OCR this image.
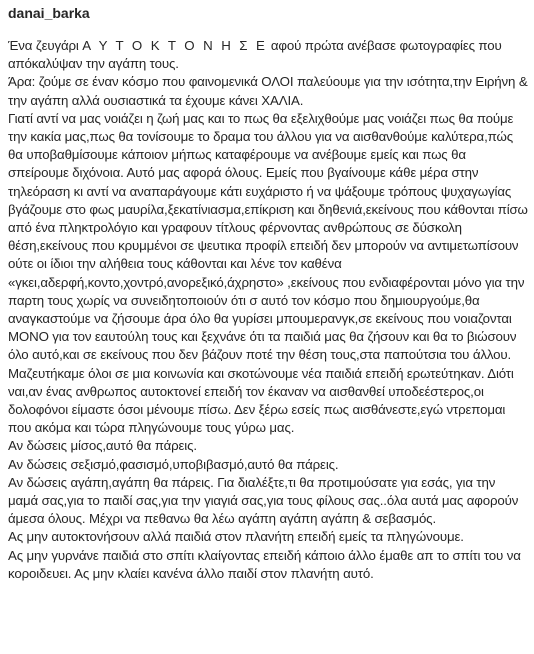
danai_barka

Ένα ζευγάρι Α Υ Τ Ο Κ Τ Ο Ν Η Σ Ε αφού πρώτα ανέβασε φωτογραφίες που απόκαλύψαν την αγάπη τους.

Άρα: ζούμε σε έναν κόσμο που φαινομενικά ΟΛΟΙ παλεύουμε για την ισότητα,την Ειρήνη & την αγάπη αλλά ουσιαστικά τα έχουμε κάνει ΧΑΛΙΑ.

Γιατί αντί να μας νοιάζει η ζωή μας και το πως θα εξελιχθούμε μας νοιάζει πως θα πούμε την κακία μας,πως θα τονίσουμε το δραμα του άλλου για να αισθανθούμε καλύτερα,πώς θα υποβαθμίσουμε κάποιον μήπως καταφέρουμε να ανέβουμε εμείς και πως θα σπείρουμε διχόνοια. Αυτό μας αφορά όλους. Εμείς που βγαίνουμε κάθε μέρα στην τηλεόραση κι αντί να αναπαράγουμε κάτι ευχάριστο ή να ψάξουμε τρόπους ψυχαγωγίας βγάζουμε στο φως μαυρίλα,ξεκατίνιασμα,επίκριση και δηθενιά,εκείνους που κάθονται πίσω από ένα πληκτρολόγιο και γραφουν τίτλους φέρνοντας ανθρώπους σε δύσκολη θέση,εκείνους που κρυμμένοι σε ψευτικα προφίλ επειδή δεν μπορούν να αντιμετωπίσουν ούτε οι ίδιοι την αλήθεια τους κάθονται και λένε τον καθένα «γκει,αδερφή,κοντο,χοντρό,ανορεξικό,άχρηστο» ,εκείνους που ενδιαφέρονται μόνο για την παρτη τους χωρίς να συνειδητοποιούν ότι σ αυτό τον κόσμο που δημιουργούμε,θα αναγκαστούμε να ζήσουμε άρα όλο θα γυρίσει μπουμερανγκ,σε εκείνους που νοιαζονται ΜΟΝΟ για τον εαυτούλη τους και ξεχνάνε ότι τα παιδιά μας θα ζήσουν και θα το βιώσουν όλο αυτό,και σε εκείνους που δεν βάζουν ποτέ την θέση τους,στα παπούτσια του άλλου.

Μαζευτήκαμε όλοι σε μια κοινωνία και σκοτώνουμε νέα παιδιά επειδή ερωτεύτηκαν. Διότι ναι,αν ένας ανθρωπος αυτοκτονεί επειδή τον έκαναν να αισθανθεί υποδεέστερος,οι δολοφόνοι είμαστε όσοι μένουμε πίσω. Δεν ξέρω εσείς πως αισθάνεστε,εγώ ντρεπομαι που ακόμα και τώρα πληγώνουμε τους γύρω μας.

Αν δώσεις μίσος,αυτό θα πάρεις.

Αν δώσεις σεξισμό,φασισμό,υποβιβασμό,αυτό θα πάρεις.

Αν δώσεις αγάπη,αγάπη θα πάρεις. Για διαλέξτε,τι θα προτιμούσατε για εσάς, για την μαμά σας,για το παιδί σας,για την γιαγιά σας,για τους φίλους σας..όλα αυτά μας αφορούν άμεσα όλους. Μέχρι να πεθανω θα λέω αγάπη αγάπη αγάπη & σεβασμός.

Ας μην αυτοκτονήσουν αλλά παιδιά στον πλανήτη επειδή εμείς τα πληγώνουμε.

Ας μην γυρνάνε παιδιά στο σπίτι κλαίγοντας επειδή κάποιο άλλο έμαθε απ το σπίτι του να κοροιδευει. Ας μην κλαίει κανένα άλλο παιδί στον πλανήτη αυτό.
